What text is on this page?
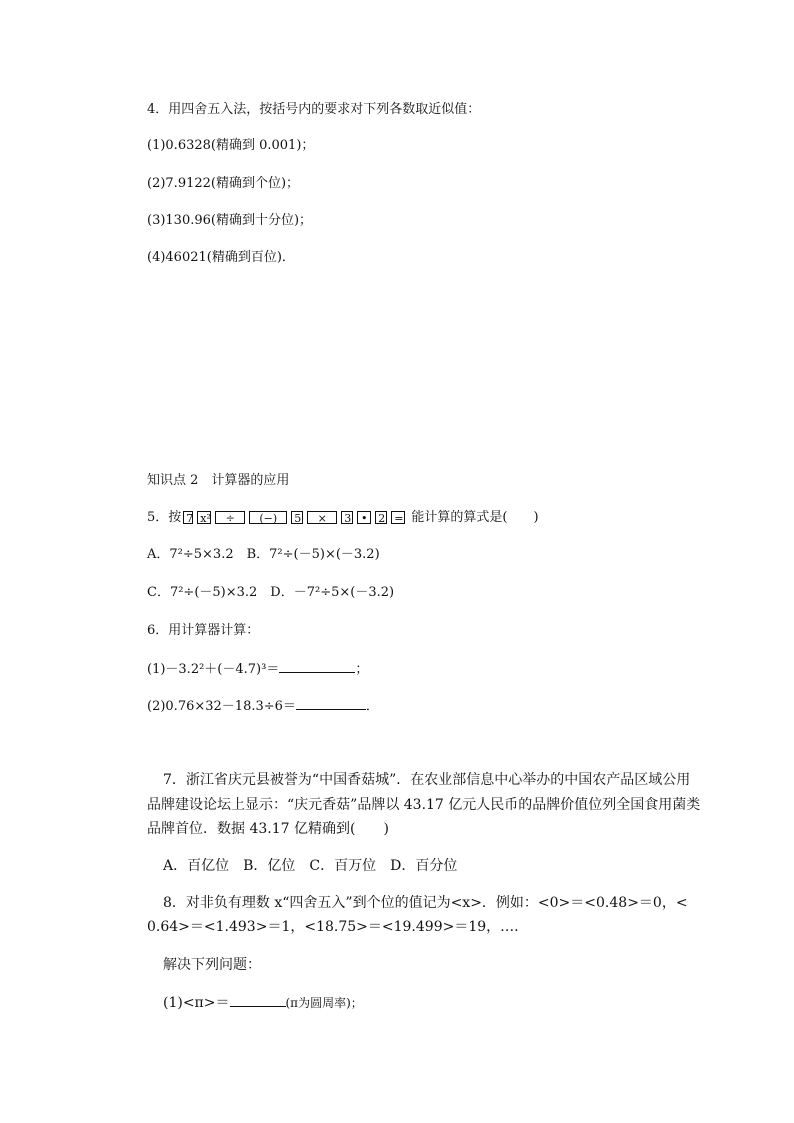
4．用四舍五入法，按括号内的要求对下列各数取近似值：
(1)0.6328(精确到 0.001)；
(2)7.9122(精确到个位)；
(3)130.96(精确到十分位)；
(4)46021(精确到百位)．
知识点 2　计算器的应用
5．按 7 x² ÷ (−) 5 × 3 • 2 = 能计算的算式是(　　)
A．7²÷5×3.2　B．7²÷(－5)×(－3.2)
C．7²÷(－5)×3.2　D．－7²÷5×(－3.2)
6．用计算器计算：
(1)－3.2²＋(－4.7)³＝	；
(2)0.76×32－18.3÷6＝	．
7．浙江省庆元县被誉为“中国香菇城”．在农业部信息中心举办的中国农产品区域公用
品牌建设论坛上显示：“庆元香菇”品牌以 43.17 亿元人民币的品牌价值位列全国食用菌类
品牌首位．数据 43.17 亿精确到(　　)
A．百亿位　B．亿位　C．百万位　D．百分位
8．对非负有理数 x“四舍五入”到个位的值记为<x>．例如：<0>＝<0.48>＝0，<
0.64>＝<1.493>＝1，<18.75>＝<19.499>＝19，….
解决下列问题：
(1)<π>＝	(π为圆周率)；
